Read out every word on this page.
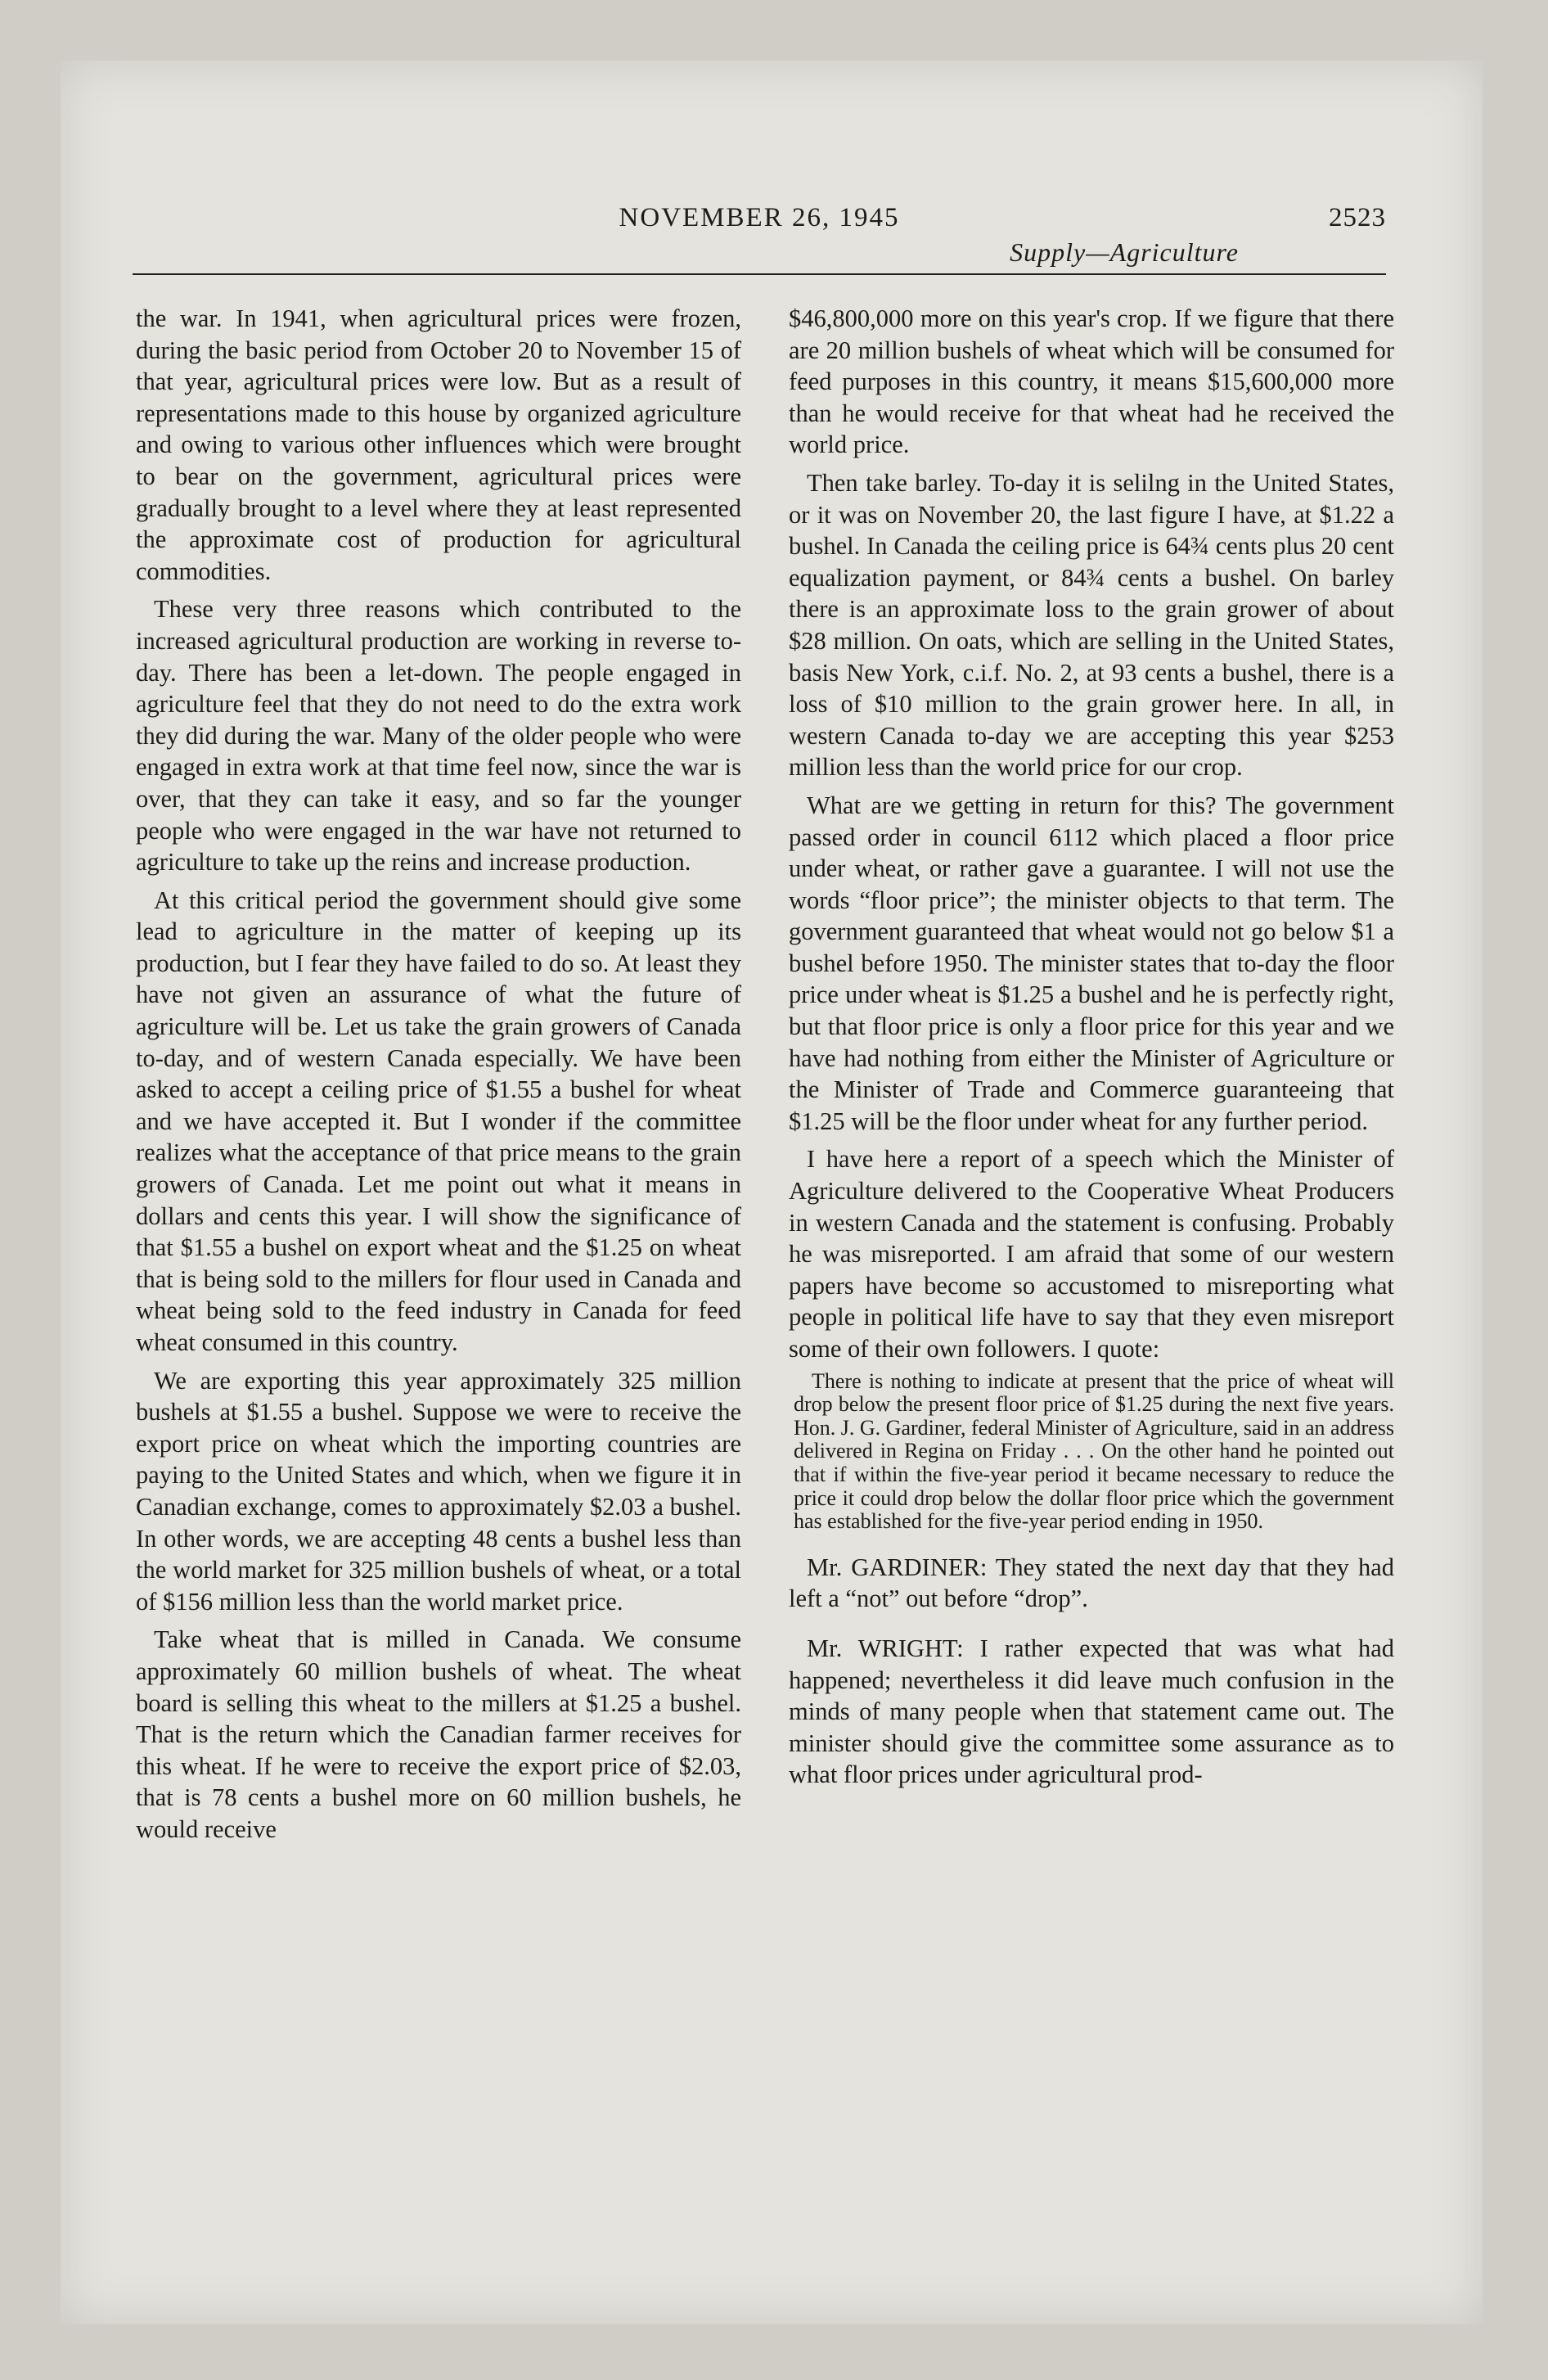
NOVEMBER 26, 1945	2523
Supply—Agriculture

the war. In 1941, when agricultural prices were frozen, during the basic period from October 20 to November 15 of that year, agricultural prices were low. But as a result of representations made to this house by organized agriculture and owing to various other influences which were brought to bear on the government, agricultural prices were gradually brought to a level where they at least represented the approximate cost of production for agricultural commodities.

These very three reasons which contributed to the increased agricultural production are working in reverse to-day. There has been a let-down. The people engaged in agriculture feel that they do not need to do the extra work they did during the war. Many of the older people who were engaged in extra work at that time feel now, since the war is over, that they can take it easy, and so far the younger people who were engaged in the war have not returned to agriculture to take up the reins and increase production.

At this critical period the government should give some lead to agriculture in the matter of keeping up its production, but I fear they have failed to do so. At least they have not given an assurance of what the future of agriculture will be. Let us take the grain growers of Canada to-day, and of western Canada especially. We have been asked to accept a ceiling price of $1.55 a bushel for wheat and we have accepted it. But I wonder if the committee realizes what the acceptance of that price means to the grain growers of Canada. Let me point out what it means in dollars and cents this year. I will show the significance of that $1.55 a bushel on export wheat and the $1.25 on wheat that is being sold to the millers for flour used in Canada and wheat being sold to the feed industry in Canada for feed wheat consumed in this country.

We are exporting this year approximately 325 million bushels at $1.55 a bushel. Suppose we were to receive the export price on wheat which the importing countries are paying to the United States and which, when we figure it in Canadian exchange, comes to approximately $2.03 a bushel. In other words, we are accepting 48 cents a bushel less than the world market for 325 million bushels of wheat, or a total of $156 million less than the world market price.

Take wheat that is milled in Canada. We consume approximately 60 million bushels of wheat. The wheat board is selling this wheat to the millers at $1.25 a bushel. That is the return which the Canadian farmer receives for this wheat. If he were to receive the export price of $2.03, that is 78 cents a bushel more on 60 million bushels, he would receive

$46,800,000 more on this year's crop. If we figure that there are 20 million bushels of wheat which will be consumed for feed purposes in this country, it means $15,600,000 more than he would receive for that wheat had he received the world price.

Then take barley. To-day it is selilng in the United States, or it was on November 20, the last figure I have, at $1.22 a bushel. In Canada the ceiling price is 64¾ cents plus 20 cent equalization payment, or 84¾ cents a bushel. On barley there is an approximate loss to the grain grower of about $28 million. On oats, which are selling in the United States, basis New York, c.i.f. No. 2, at 93 cents a bushel, there is a loss of $10 million to the grain grower here. In all, in western Canada to-day we are accepting this year $253 million less than the world price for our crop.

What are we getting in return for this? The government passed order in council 6112 which placed a floor price under wheat, or rather gave a guarantee. I will not use the words “floor price”; the minister objects to that term. The government guaranteed that wheat would not go below $1 a bushel before 1950. The minister states that to-day the floor price under wheat is $1.25 a bushel and he is perfectly right, but that floor price is only a floor price for this year and we have had nothing from either the Minister of Agriculture or the Minister of Trade and Commerce guaranteeing that $1.25 will be the floor under wheat for any further period.

I have here a report of a speech which the Minister of Agriculture delivered to the Cooperative Wheat Producers in western Canada and the statement is confusing. Probably he was misreported. I am afraid that some of our western papers have become so accustomed to misreporting what people in political life have to say that they even misreport some of their own followers. I quote:

There is nothing to indicate at present that the price of wheat will drop below the present floor price of $1.25 during the next five years. Hon. J. G. Gardiner, federal Minister of Agriculture, said in an address delivered in Regina on Friday . . . On the other hand he pointed out that if within the five-year period it became necessary to reduce the price it could drop below the dollar floor price which the government has established for the five-year period ending in 1950.

Mr. GARDINER: They stated the next day that they had left a “not” out before “drop”.

Mr. WRIGHT: I rather expected that was what had happened; nevertheless it did leave much confusion in the minds of many people when that statement came out. The minister should give the committee some assurance as to what floor prices under agricultural prod-
